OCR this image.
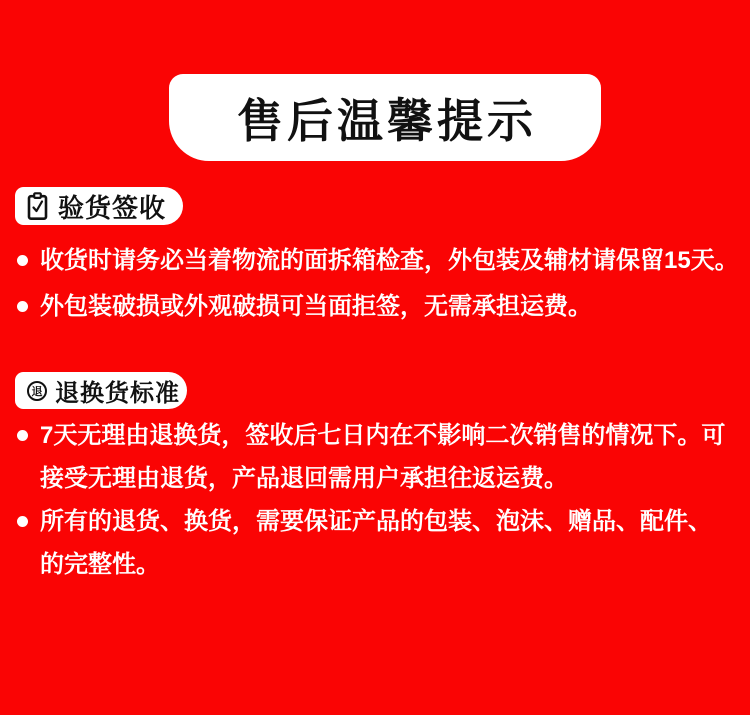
售后温馨提示
验货签收
收货时请务必当着物流的面拆箱检查，外包装及辅材请保留15天。
外包装破损或外观破损可当面拒签，无需承担运费。
退 退换货标准
7天无理由退换货，签收后七日内在不影响二次销售的情况下。可
接受无理由退货，产品退回需用户承担往返运费。
所有的退货、换货，需要保证产品的包装、泡沫、赠品、配件、
的完整性。
